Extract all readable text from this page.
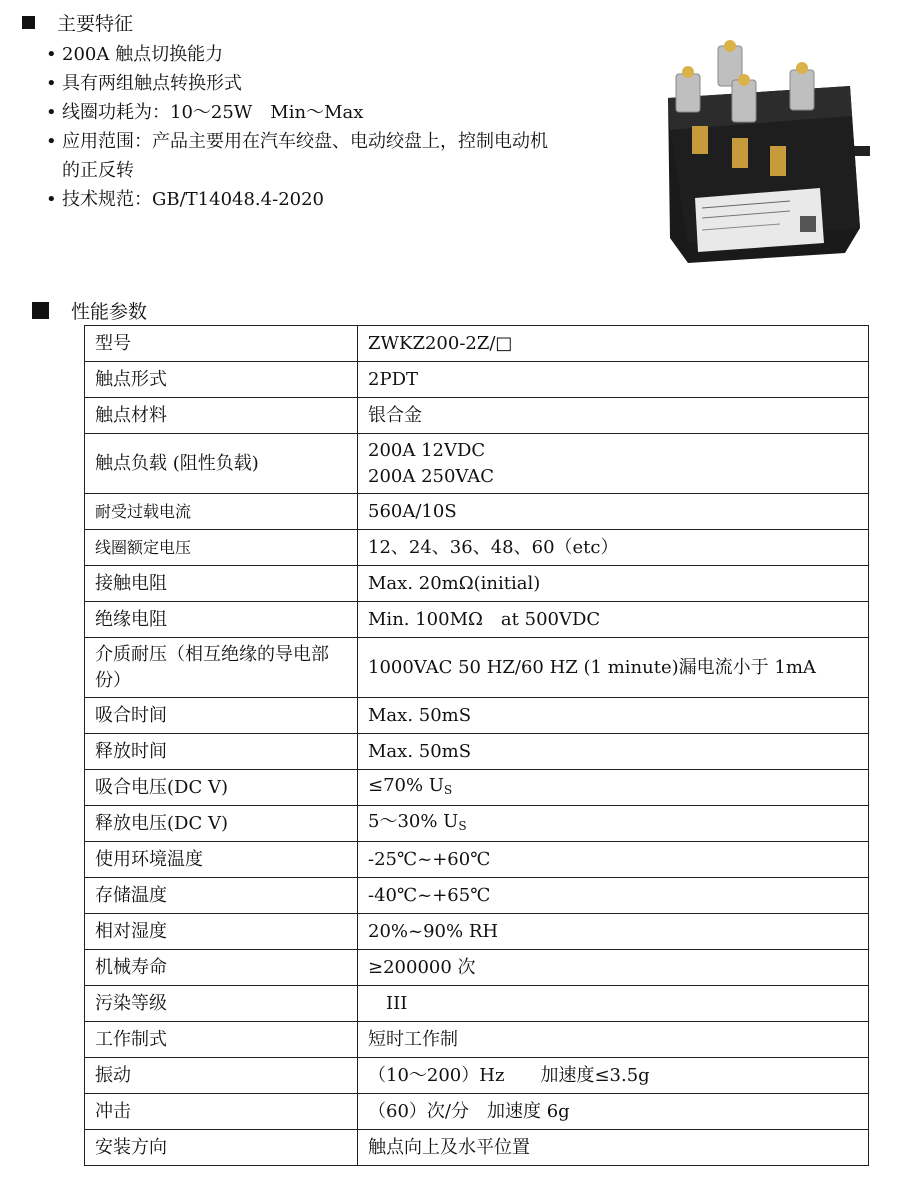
主要特征
• 200A 触点切换能力
• 具有两组触点转换形式
• 线圈功耗为：10～25W　Min～Max
• 应用范围：产品主要用在汽车绞盘、电动绞盘上，控制电动机的正反转
• 技术规范：GB/T14048.4-2020
性能参数
型号	ZWKZ200-2Z/□
触点形式	2PDT
触点材料	银合金
触点负载 (阻性负载)	200A 12VDC
200A 250VAC

耐受过载电流	560A/10S
线圈额定电压	12、24、36、48、60（etc）
接触电阻	Max. 20mΩ(initial)
绝缘电阻	Min. 100MΩ　at 500VDC
介质耐压（相互绝缘的导电部份）	1000VAC 50 HZ/60 HZ (1 minute)漏电流小于 1mA
吸合时间	Max. 50mS
释放时间	Max. 50mS
吸合电压(DC V)	≤70% $U_S$
释放电压(DC V)	5～30% $U_S$
使用环境温度	-25℃~+60℃
存储温度	-40℃~+65℃
相对湿度	20%~90% RH
机械寿命	≥200000 次
污染等级	　III
工作制式	短时工作制
振动	（10～200）Hz　　加速度≤3.5g
冲击	（60）次/分　加速度 6g
安装方向	触点向上及水平位置
